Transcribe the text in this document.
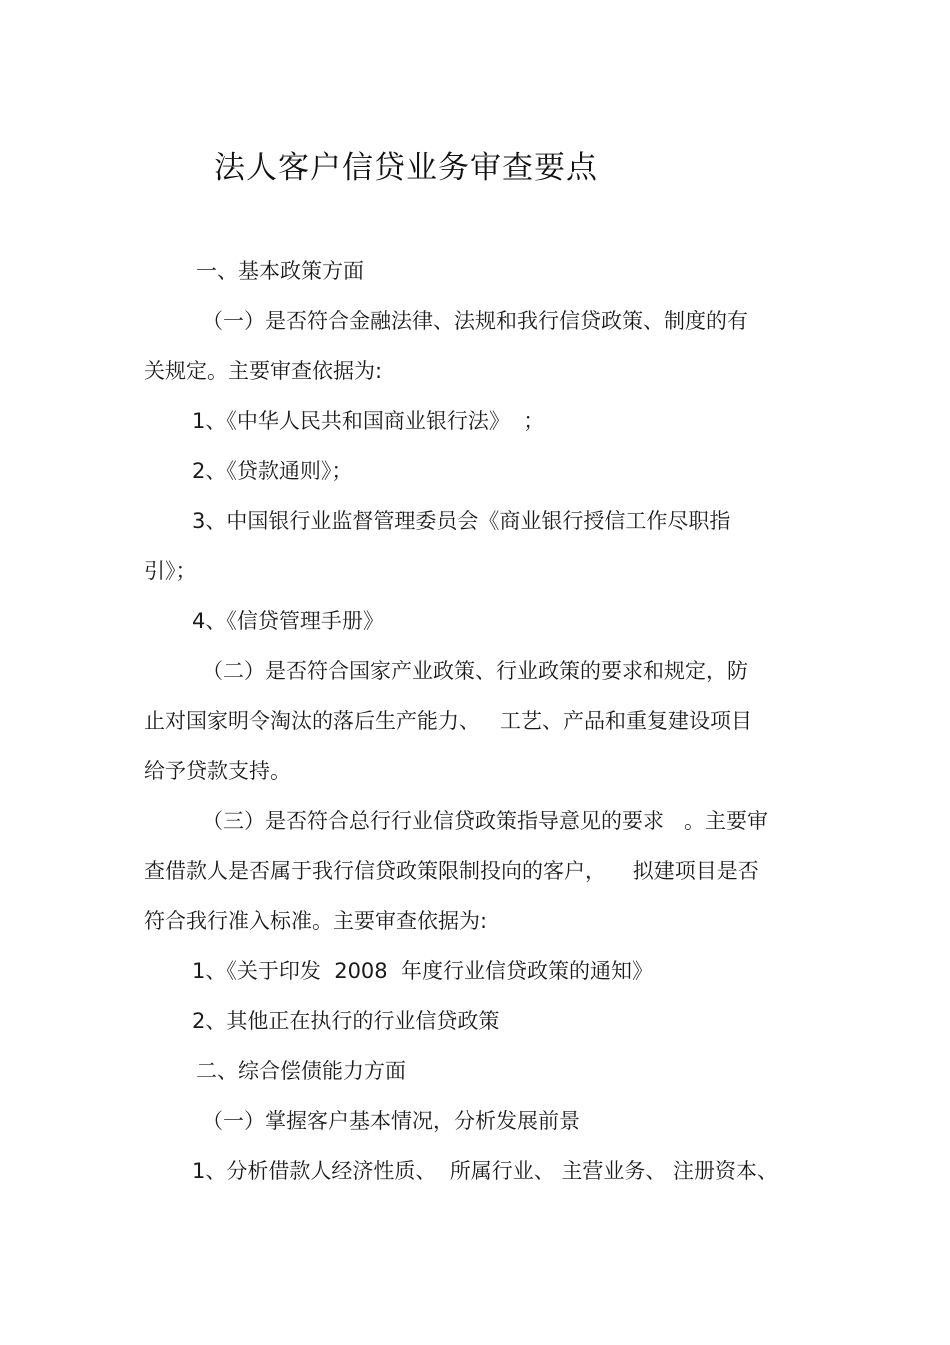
法人客户信贷业务审查要点
一、基本政策方面
（一）是否符合金融法律、法规和我行信贷政策、制度的有
关规定。主要审查依据为:
1、《中华人民共和国商业银行法》  ；
2、《贷款通则》；
3、中国银行业监督管理委员会《商业银行授信工作尽职指
引》；
4、《信贷管理手册》
（二）是否符合国家产业政策、行业政策的要求和规定，防
止对国家明令淘汰的落后生产能力、   工艺、产品和重复建设项目
给予贷款支持。
（三）是否符合总行行业信贷政策指导意见的要求   。主要审
查借款人是否属于我行信贷政策限制投向的客户，    拟建项目是否
符合我行准入标准。主要审查依据为:
1、《关于印发  2008  年度行业信贷政策的通知》
2、其他正在执行的行业信贷政策
二、综合偿债能力方面
（一）掌握客户基本情况，分析发展前景
1、分析借款人经济性质、  所属行业、 主营业务、 注册资本、
